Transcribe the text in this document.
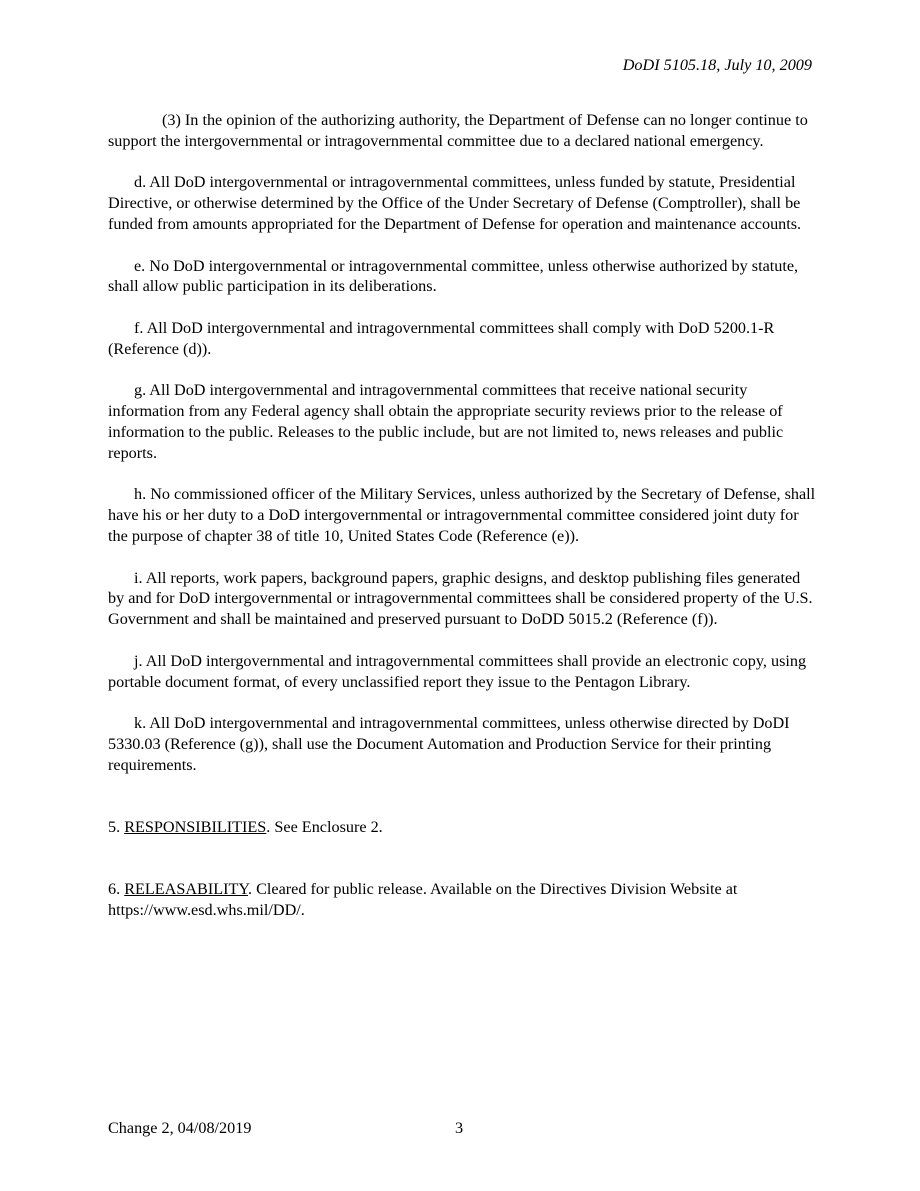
DoDI 5105.18, July 10, 2009

(3) In the opinion of the authorizing authority, the Department of Defense can no longer continue to support the intergovernmental or intragovernmental committee due to a declared national emergency.

d. All DoD intergovernmental or intragovernmental committees, unless funded by statute, Presidential Directive, or otherwise determined by the Office of the Under Secretary of Defense (Comptroller), shall be funded from amounts appropriated for the Department of Defense for operation and maintenance accounts.

e. No DoD intergovernmental or intragovernmental committee, unless otherwise authorized by statute, shall allow public participation in its deliberations.

f. All DoD intergovernmental and intragovernmental committees shall comply with DoD 5200.1-R (Reference (d)).

g. All DoD intergovernmental and intragovernmental committees that receive national security information from any Federal agency shall obtain the appropriate security reviews prior to the release of information to the public. Releases to the public include, but are not limited to, news releases and public reports.

h. No commissioned officer of the Military Services, unless authorized by the Secretary of Defense, shall have his or her duty to a DoD intergovernmental or intragovernmental committee considered joint duty for the purpose of chapter 38 of title 10, United States Code (Reference (e)).

i. All reports, work papers, background papers, graphic designs, and desktop publishing files generated by and for DoD intergovernmental or intragovernmental committees shall be considered property of the U.S. Government and shall be maintained and preserved pursuant to DoDD 5015.2 (Reference (f)).

j. All DoD intergovernmental and intragovernmental committees shall provide an electronic copy, using portable document format, of every unclassified report they issue to the Pentagon Library.

k. All DoD intergovernmental and intragovernmental committees, unless otherwise directed by DoDI 5330.03 (Reference (g)), shall use the Document Automation and Production Service for their printing requirements.

5. RESPONSIBILITIES. See Enclosure 2.

6. RELEASABILITY. Cleared for public release. Available on the Directives Division Website at https://www.esd.whs.mil/DD/.

Change 2, 04/08/2019	3
